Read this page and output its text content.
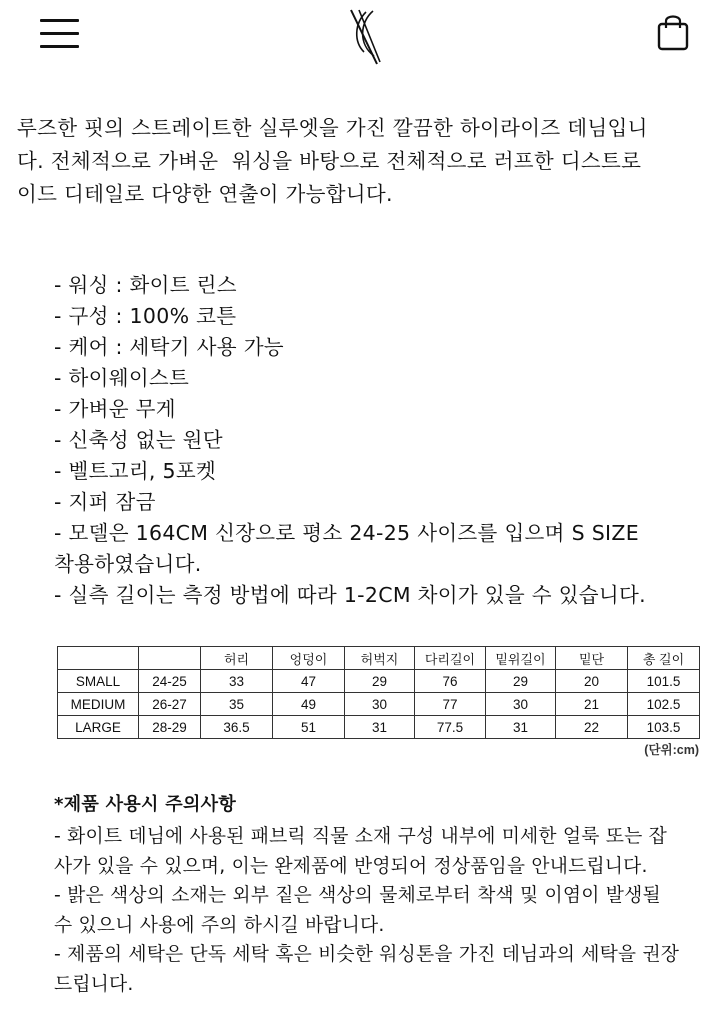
루즈한 핏의 스트레이트한 실루엣을 가진 깔끔한 하이라이즈 데님입니
다. 전체적으로 가벼운  워싱을 바탕으로 전체적으로 러프한 디스트로
이드 디테일로 다양한 연출이 가능합니다.
- 워싱 : 화이트 린스
- 구성 : 100% 코튼
- 케어 : 세탁기 사용 가능
- 하이웨이스트
- 가벼운 무게
- 신축성 없는 원단
- 벨트고리, 5포켓
- 지퍼 잠금
- 모델은 164CM 신장으로 평소 24-25 사이즈를 입으며 S SIZE
착용하였습니다.
- 실측 길이는 측정 방법에 따라 1-2CM 차이가 있을 수 있습니다.
		허리	엉덩이	허벅지	다리길이	밑위길이	밑단	총 길이
SMALL	24-25	33	47	29	76	29	20	101.5
MEDIUM	26-27	35	49	30	77	30	21	102.5
LARGE	28-29	36.5	51	31	77.5	31	22	103.5
(단위:cm)
*제품 사용시 주의사항
- 화이트 데님에 사용된 패브릭 직물 소재 구성 내부에 미세한 얼룩 또는 잡
사가 있을 수 있으며, 이는 완제품에 반영되어 정상품임을 안내드립니다.
- 밝은 색상의 소재는 외부 짙은 색상의 물체로부터 착색 및 이염이 발생될
수 있으니 사용에 주의 하시길 바랍니다.
- 제품의 세탁은 단독 세탁 혹은 비슷한 워싱톤을 가진 데님과의 세탁을 권장
드립니다.
